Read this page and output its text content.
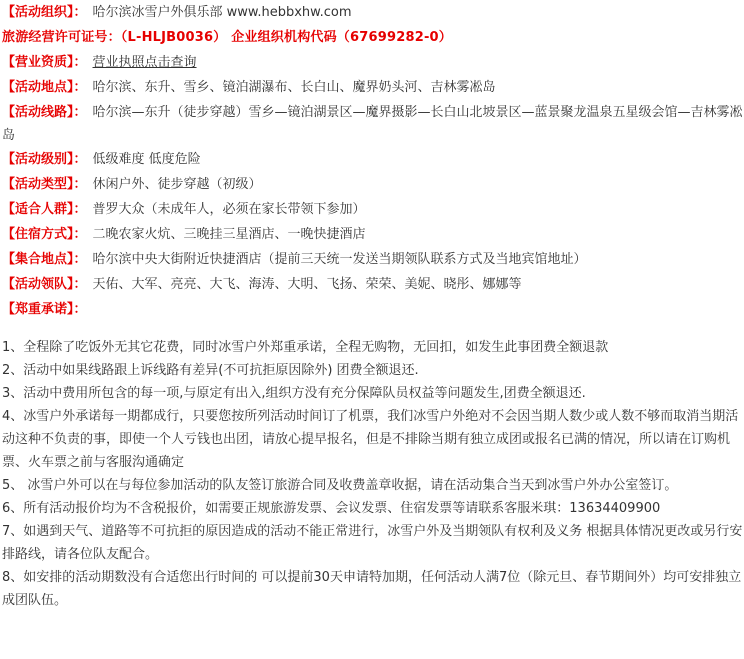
【活动组织】： 哈尔滨冰雪户外俱乐部 www.hebbxhw.com
旅游经营许可证号：（L-HLJB0036） 企业组织机构代码（67699282-0）
【营业资质】： 营业执照点击查询
【活动地点】： 哈尔滨、东升、雪乡、镜泊湖瀑布、长白山、魔界奶头河、吉林雾凇岛
【活动线路】： 哈尔滨—东升（徒步穿越）雪乡—镜泊湖景区—魔界摄影—长白山北坡景区—蓝景聚龙温泉五星级会馆—吉林雾凇岛
【活动级别】： 低级难度 低度危险
【活动类型】： 休闲户外、徒步穿越（初级）
【适合人群】： 普罗大众（未成年人，必须在家长带领下参加）
【住宿方式】： 二晚农家火炕、三晚挂三星酒店、一晚快捷酒店
【集合地点】： 哈尔滨中央大街附近快捷酒店（提前三天统一发送当期领队联系方式及当地宾馆地址）
【活动领队】： 天佑、大军、亮亮、大飞、海涛、大明、飞扬、荣荣、美妮、晓彤、娜娜等
【郑重承诺】：
1、全程除了吃饭外无其它花费，同时冰雪户外郑重承诺，全程无购物，无回扣，如发生此事团费全额退款
2、活动中如果线路跟上诉线路有差异(不可抗拒原因除外) 团费全额退还.
3、活动中费用所包含的每一项,与原定有出入,组织方没有充分保障队员权益等问题发生,团费全额退还.
4、冰雪户外承诺每一期都成行，只要您按所列活动时间订了机票，我们冰雪户外绝对不会因当期人数少或人数不够而取消当期活动这种不负责的事，即使一个人亏钱也出团，请放心提早报名，但是不排除当期有独立成团或报名已满的情况，所以请在订购机票、火车票之前与客服沟通确定
5、 冰雪户外可以在与每位参加活动的队友签订旅游合同及收费盖章收据，请在活动集合当天到冰雪户外办公室签订。
6、所有活动报价均为不含税报价，如需要正规旅游发票、会议发票、住宿发票等请联系客服米琪：13634409900
7、如遇到天气、道路等不可抗拒的原因造成的活动不能正常进行，冰雪户外及当期领队有权利及义务 根据具体情况更改或另行安排路线，请各位队友配合。
8、如安排的活动期数没有合适您出行时间的 可以提前30天申请特加期，任何活动人满7位（除元旦、春节期间外）均可安排独立成团队伍。
